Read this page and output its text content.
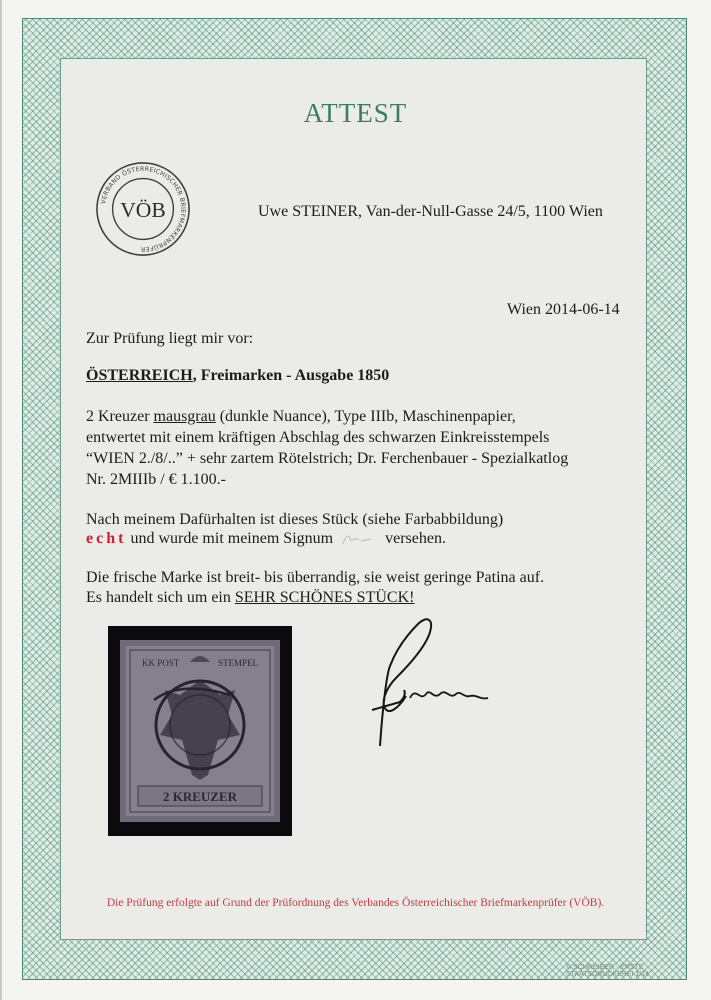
ATTEST
VERBAND ÖSTERREICHISCHER BRIEFMARKENPRÜFER
VÖB	Uwe STEINER, Van-der-Null-Gasse 24/5, 1100 Wien
Wien 2014-06-14
Zur Prüfung liegt mir vor:
ÖSTERREICH, Freimarken - Ausgabe 1850
2 Kreuzer mausgrau (dunkle Nuance), Type IIIb, Maschinenpapier,
entwertet mit einem kräftigen Abschlag des schwarzen Einkreisstempels
“WIEN 2./8/..” + sehr zartem Rötelstrich; Dr. Ferchenbauer - Spezialkatlog
Nr. 2MIIIb / € 1.100.-
Nach meinem Dafürhalten ist dieses Stück (siehe Farbabbildung)
echt und wurde mit meinem Signum	versehen.
Die frische Marke ist breit- bis überrandig, sie weist geringe Patina auf.
Es handelt sich um ein SEHR SCHÖNES STÜCK!
KK POST	STEMPEL
2 KREUZER
Die Prüfung erfolgte auf Grund der Prüfordnung des Verbandes Österreichischer Briefmarkenprüfer (VÖB).
© SCHREIBER · ERSTE STAATSDRUCKEREI 1/14
